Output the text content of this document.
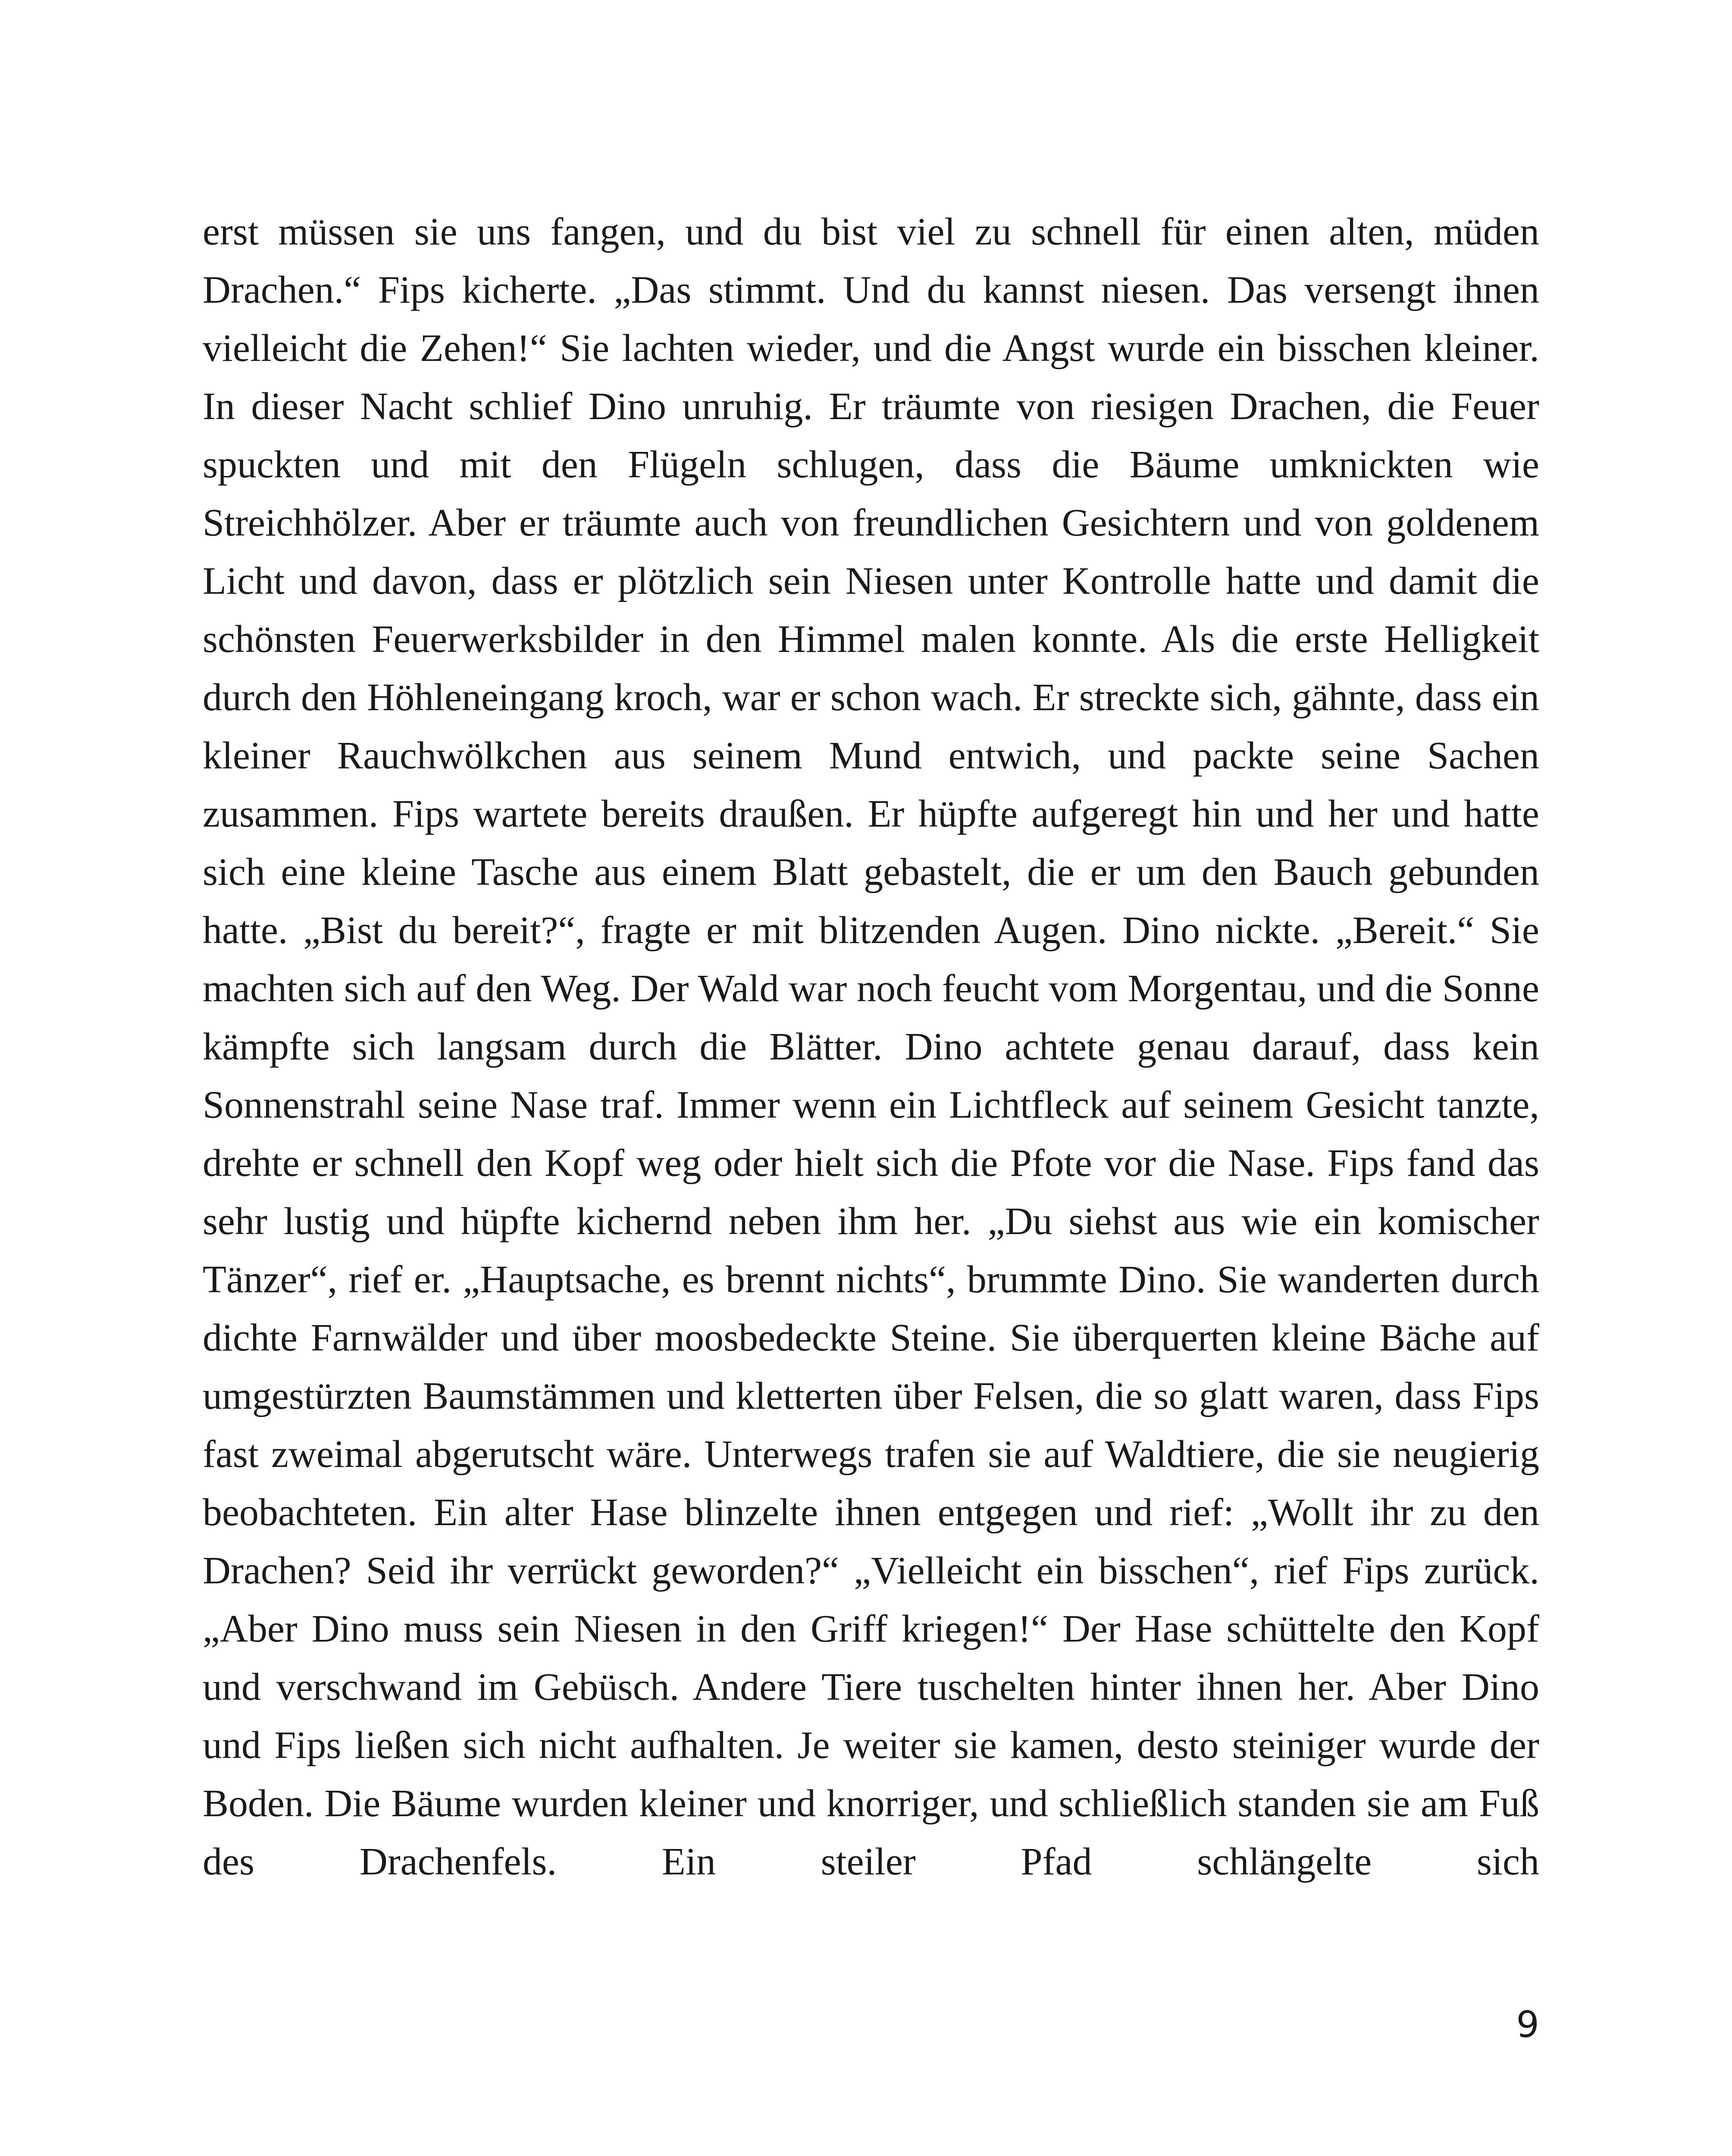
erst müssen sie uns fangen, und du bist viel zu schnell für einen alten, müden Drachen.“ Fips kicherte. „Das stimmt. Und du kannst niesen. Das versengt ihnen vielleicht die Zehen!“ Sie lachten wieder, und die Angst wurde ein bisschen kleiner. In dieser Nacht schlief Dino unruhig. Er träumte von riesigen Drachen, die Feuer spuckten und mit den Flügeln schlugen, dass die Bäume umknickten wie Streichhölzer. Aber er träumte auch von freundlichen Gesichtern und von goldenem Licht und davon, dass er plötzlich sein Niesen unter Kontrolle hatte und damit die schönsten Feuerwerksbilder in den Himmel malen konnte. Als die erste Helligkeit durch den Höhleneingang kroch, war er schon wach. Er streckte sich, gähnte, dass ein kleiner Rauchwölkchen aus seinem Mund entwich, und packte seine Sachen zusammen. Fips wartete bereits draußen. Er hüpfte aufgeregt hin und her und hatte sich eine kleine Tasche aus einem Blatt gebastelt, die er um den Bauch gebunden hatte. „Bist du bereit?“, fragte er mit blitzenden Augen. Dino nickte. „Bereit.“ Sie machten sich auf den Weg. Der Wald war noch feucht vom Morgentau, und die Sonne kämpfte sich langsam durch die Blätter. Dino achtete genau darauf, dass kein Sonnenstrahl seine Nase traf. Immer wenn ein Lichtfleck auf seinem Gesicht tanzte, drehte er schnell den Kopf weg oder hielt sich die Pfote vor die Nase. Fips fand das sehr lustig und hüpfte kichernd neben ihm her. „Du siehst aus wie ein komischer Tänzer“, rief er. „Hauptsache, es brennt nichts“, brummte Dino. Sie wanderten durch dichte Farnwälder und über moosbedeckte Steine. Sie überquerten kleine Bäche auf umgestürzten Baumstämmen und kletterten über Felsen, die so glatt waren, dass Fips fast zweimal abgerutscht wäre. Unterwegs trafen sie auf Waldtiere, die sie neugierig beobachteten. Ein alter Hase blinzelte ihnen entgegen und rief: „Wollt ihr zu den Drachen? Seid ihr verrückt geworden?“ „Vielleicht ein bisschen“, rief Fips zurück. „Aber Dino muss sein Niesen in den Griff kriegen!“ Der Hase schüttelte den Kopf und verschwand im Gebüsch. Andere Tiere tuschelten hinter ihnen her. Aber Dino und Fips ließen sich nicht aufhalten. Je weiter sie kamen, desto steiniger wurde der Boden. Die Bäume wurden kleiner und knorriger, und schließlich standen sie am Fuß des Drachenfels. Ein steiler Pfad schlängelte sich

9
